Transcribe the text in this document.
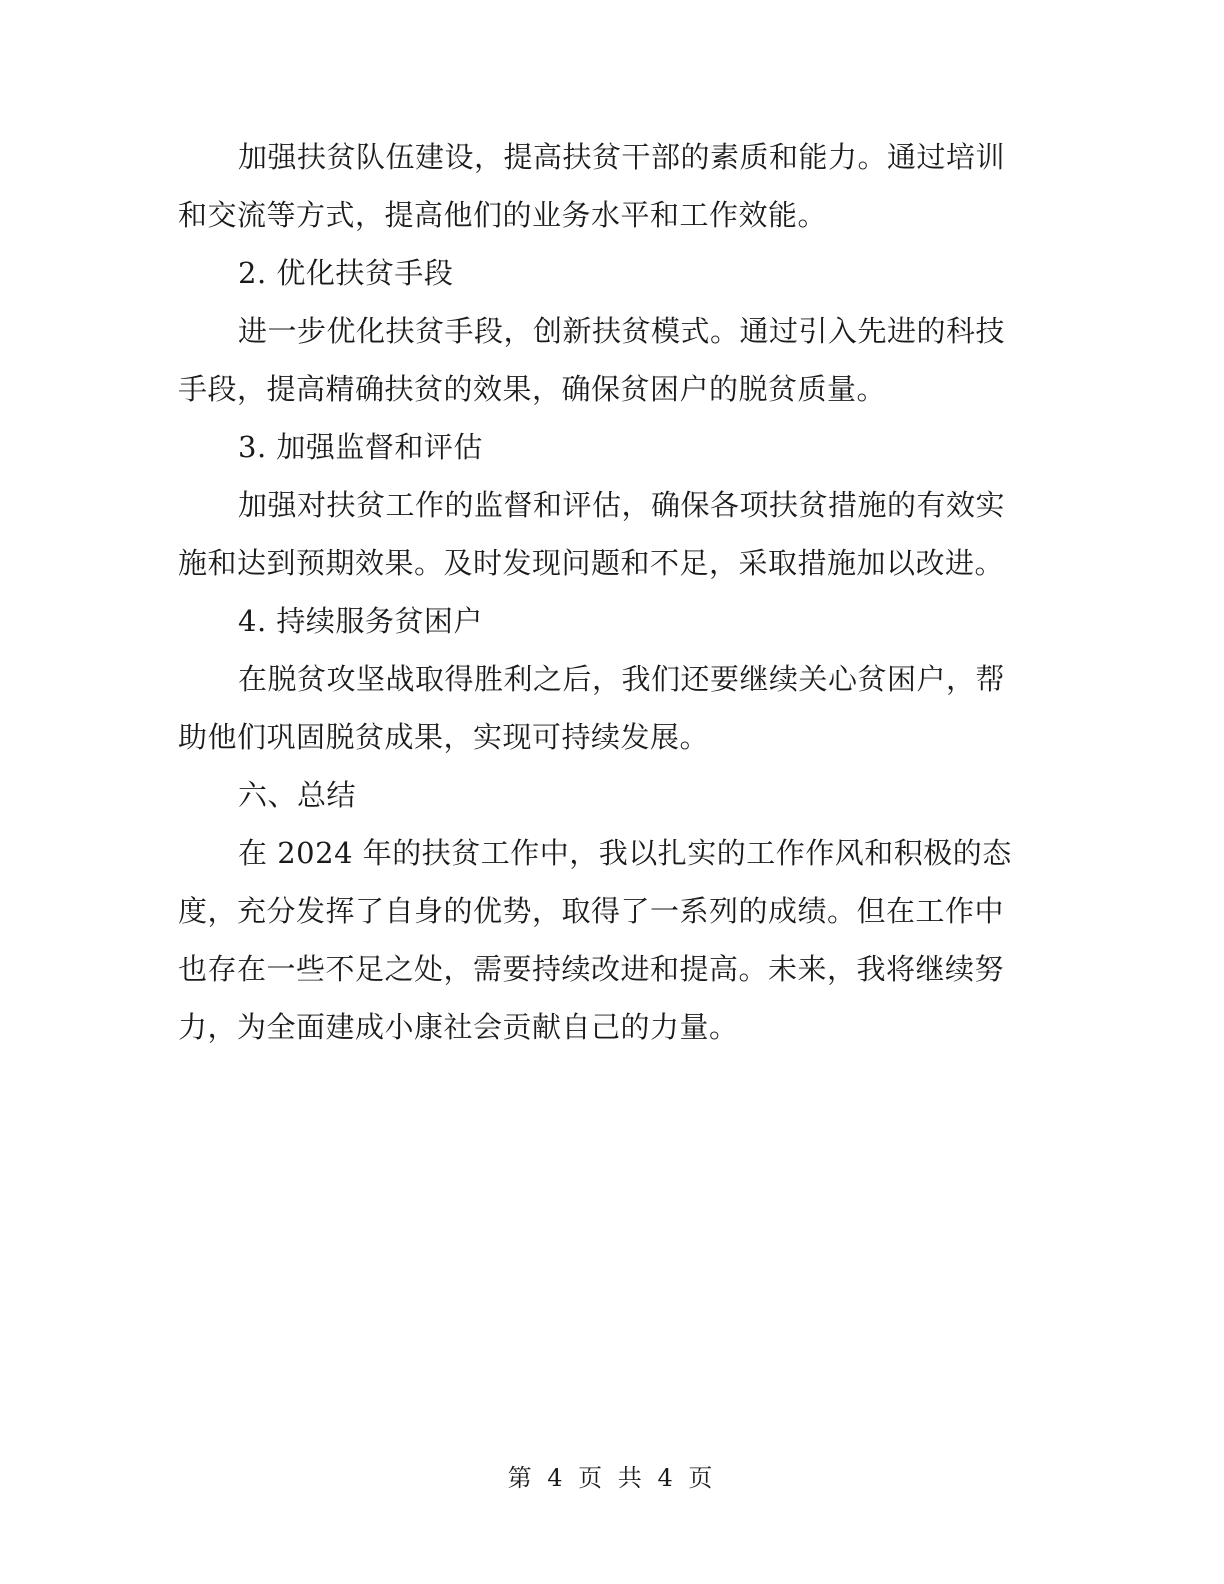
加强扶贫队伍建设，提高扶贫干部的素质和能力。通过培训
和交流等方式，提高他们的业务水平和工作效能。
2. 优化扶贫手段
进一步优化扶贫手段，创新扶贫模式。通过引入先进的科技
手段，提高精确扶贫的效果，确保贫困户的脱贫质量。
3. 加强监督和评估
加强对扶贫工作的监督和评估，确保各项扶贫措施的有效实
施和达到预期效果。及时发现问题和不足，采取措施加以改进。
4. 持续服务贫困户
在脱贫攻坚战取得胜利之后，我们还要继续关心贫困户，帮
助他们巩固脱贫成果，实现可持续发展。
六、总结
在 2024 年的扶贫工作中，我以扎实的工作作风和积极的态
度，充分发挥了自身的优势，取得了一系列的成绩。但在工作中
也存在一些不足之处，需要持续改进和提高。未来，我将继续努
力，为全面建成小康社会贡献自己的力量。
第 4 页 共 4 页
